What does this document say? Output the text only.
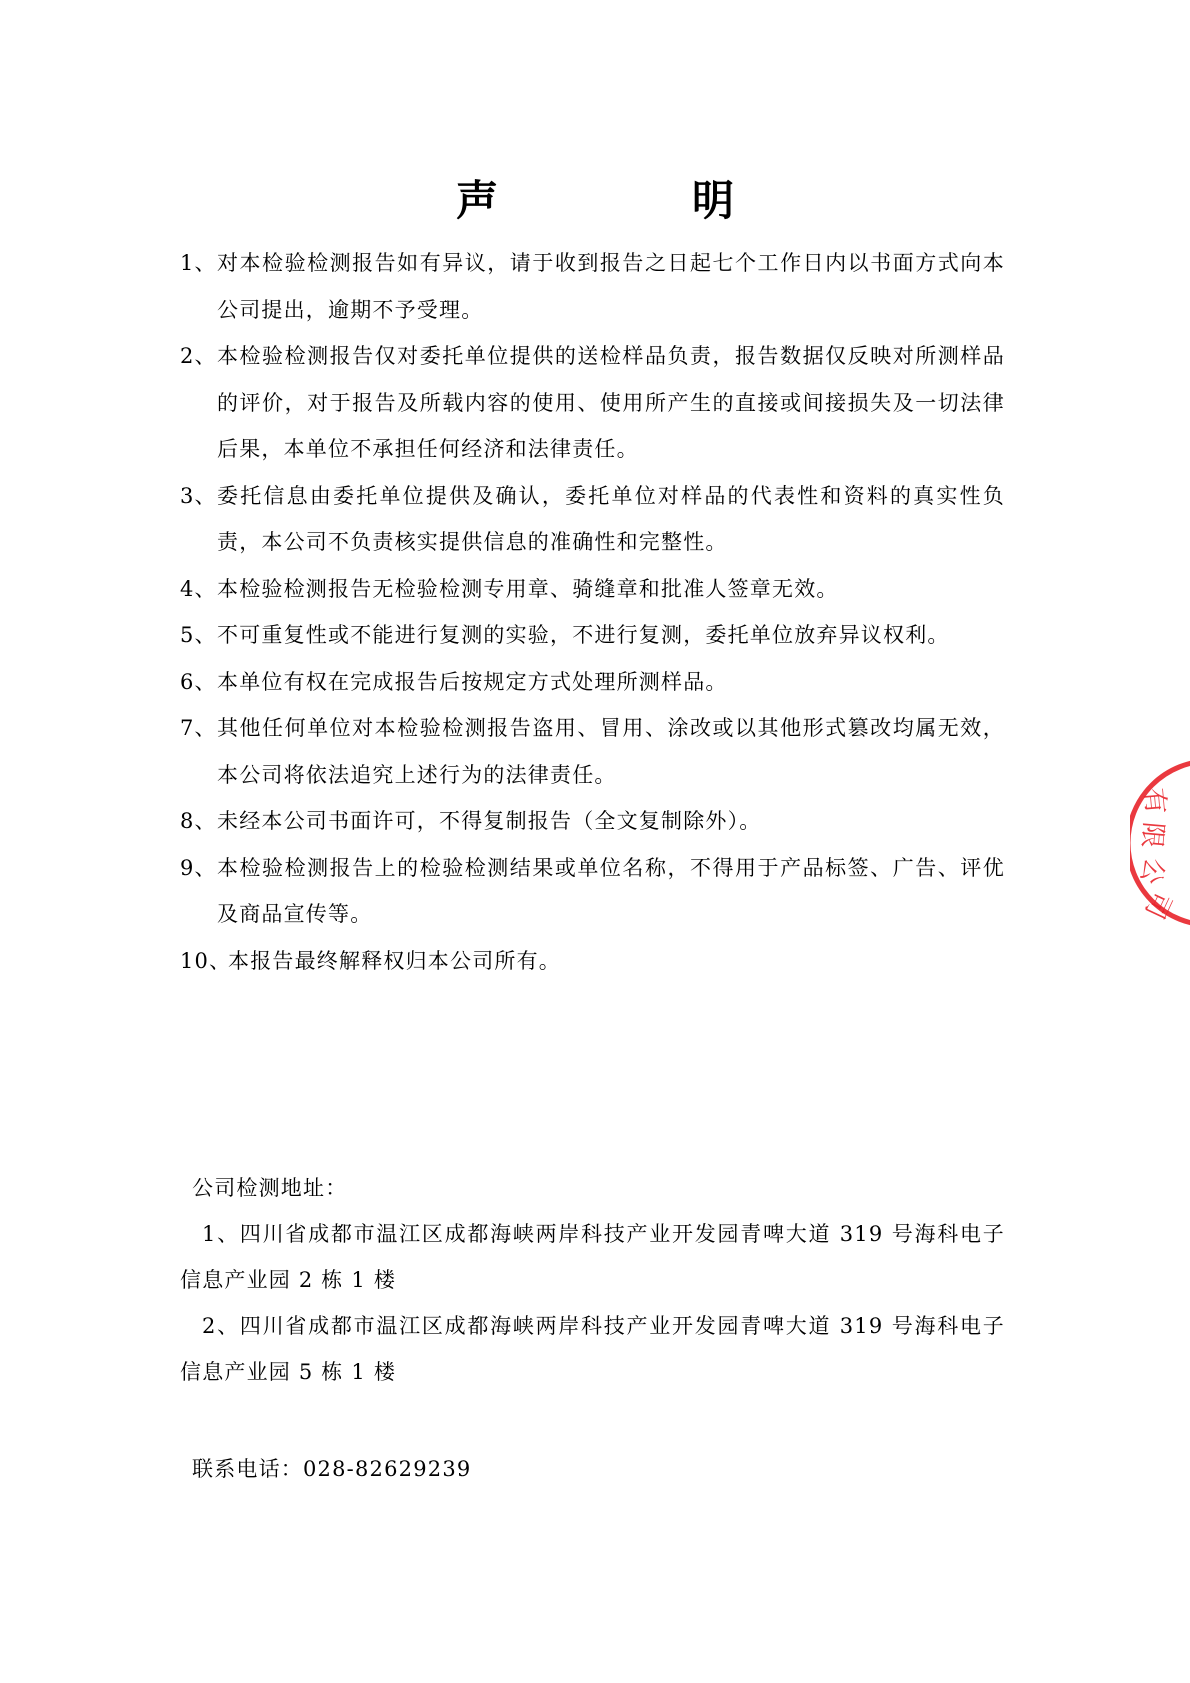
声　明
1、 对本检验检测报告如有异议，请于收到报告之日起七个工作日内以书面方式向本公司提出，逾期不予受理。
2、 本检验检测报告仅对委托单位提供的送检样品负责，报告数据仅反映对所测样品的评价，对于报告及所载内容的使用、使用所产生的直接或间接损失及一切法律后果，本单位不承担任何经济和法律责任。
3、 委托信息由委托单位提供及确认，委托单位对样品的代表性和资料的真实性负责，本公司不负责核实提供信息的准确性和完整性。
4、 本检验检测报告无检验检测专用章、骑缝章和批准人签章无效。
5、 不可重复性或不能进行复测的实验，不进行复测，委托单位放弃异议权利。
6、 本单位有权在完成报告后按规定方式处理所测样品。
7、 其他任何单位对本检验检测报告盗用、冒用、涂改或以其他形式篡改均属无效，本公司将依法追究上述行为的法律责任。
8、 未经本公司书面许可，不得复制报告（全文复制除外）。
9、 本检验检测报告上的检验检测结果或单位名称，不得用于产品标签、广告、评优及商品宣传等。
10、
本报告最终解释权归本公司所有。
公司检测地址：
1、四川省成都市温江区成都海峡两岸科技产业开发园青啤大道 319 号海科电子信息产业园 2 栋 1 楼
2、四川省成都市温江区成都海峡两岸科技产业开发园青啤大道 319 号海科电子信息产业园 5 栋 1 楼
联系电话：028-82629239
有
限
公
司
